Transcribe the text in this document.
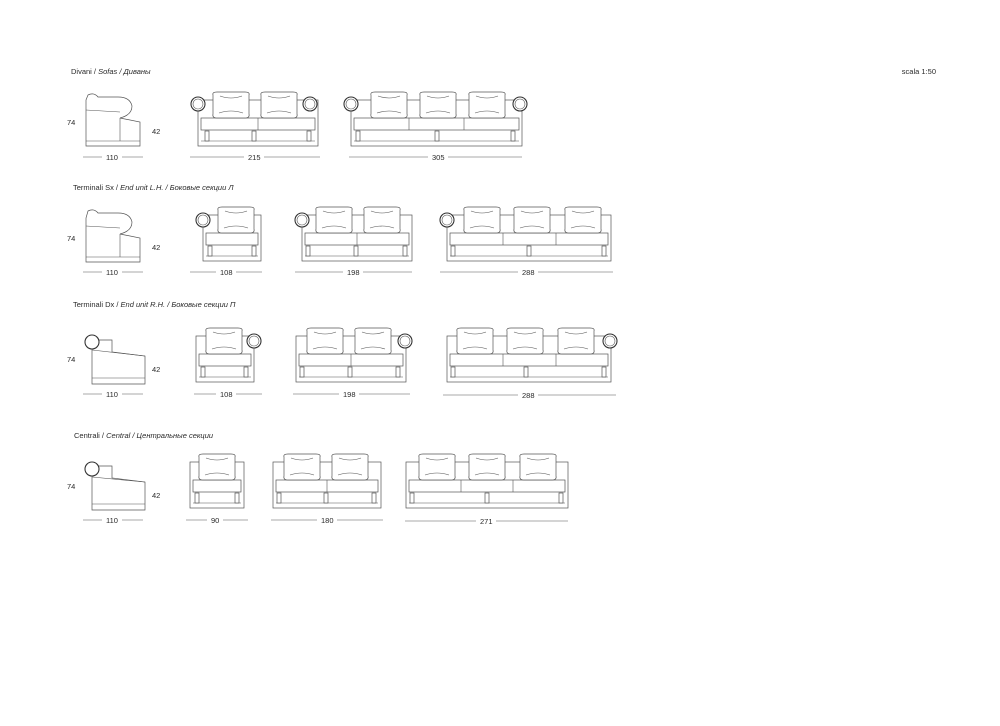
scala 1:50
Divani / Sofas / Диваны
Terminali Sx / End unit L.H. / Боковые секции Л
Terminali Dx / End unit R.H. / Боковые секции П
Centrali / Central / Центральные секции
74
42
110	215	305
74
42
110	108	198	288
74
42
110	108	198	288
74
42
110	90	180	271
